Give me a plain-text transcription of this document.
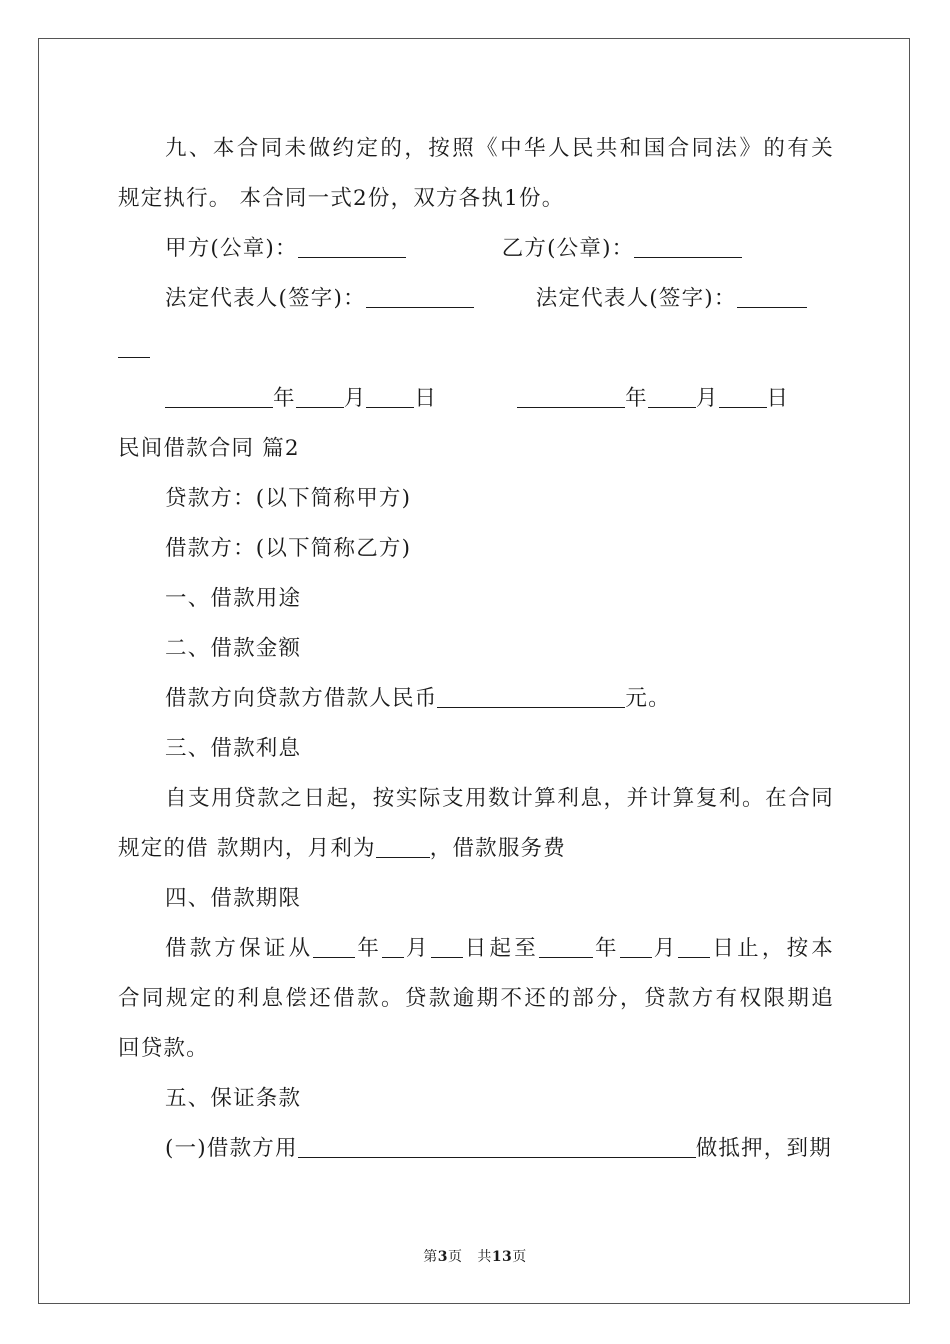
九、本合同未做约定的，按照《中华人民共和国合同法》的有关

规定执行。 本合同一式2份，双方各执1份。

甲方(公章)：	乙方(公章)：

法定代表人(签字)：	法定代表人(签字)：

年 月 日	年 月 日

民间借款合同 篇2

贷款方：(以下简称甲方)

借款方：(以下简称乙方)

一、借款用途

二、借款金额

借款方向贷款方借款人民币	元。

三、借款利息

自支用贷款之日起，按实际支用数计算利息，并计算复利。在合同

规定的借 款期内，月利为	，借款服务费

四、借款期限

借款方保证从 年 月 日起至	年 月 日止，按本

合同规定的利息偿还借款。贷款逾期不还的部分，贷款方有权限期追

回贷款。

五、保证条款

(一)借款方用	做抵押，到期

第3页 共13页
